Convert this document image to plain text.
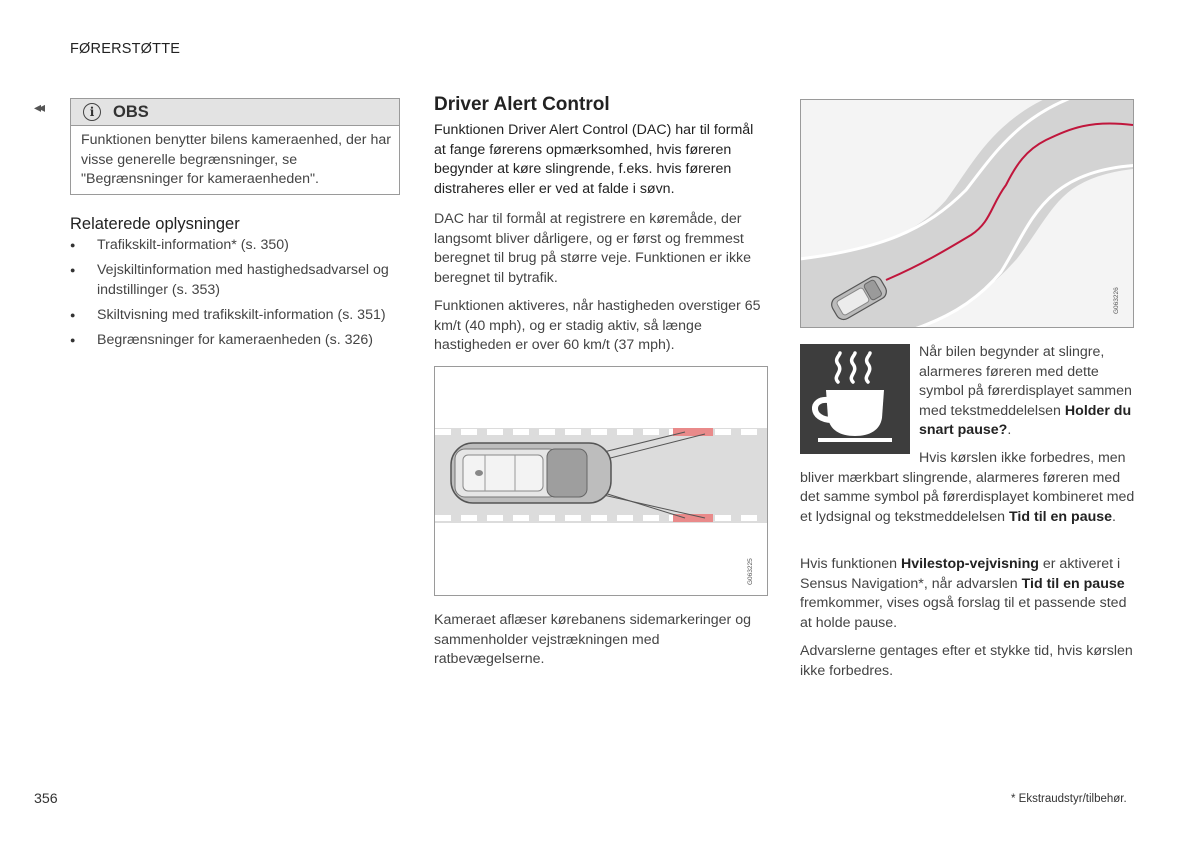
FØRERSTØTTE
◂◂	i	OBS
Funktionen benytter bilens kameraenhed, der har visse generelle begrænsninger, se "Begrænsninger for kameraenheden".
Relaterede oplysninger
● Trafikskilt-information* (s. 350)
● Vejskiltinformation med hastighedsadvarsel og indstillinger (s. 353)
● Skiltvisning med trafikskilt-information (s. 351)
● Begrænsninger for kameraenheden (s. 326)
Driver Alert Control

Funktionen Driver Alert Control (DAC) har til formål at fange førerens opmærksomhed, hvis føreren begynder at køre slingrende, f.eks. hvis føreren distraheres eller er ved at falde i søvn.

DAC har til formål at registrere en køremåde, der langsomt bliver dårligere, og er først og fremmest beregnet til brug på større veje. Funktionen er ikke beregnet til bytrafik.

Funktionen aktiveres, når hastigheden overstiger 65 km/t (40 mph), og er stadig aktiv, så længe hastigheden er over 60 km/t (37 mph).

G063225

Kameraet aflæser kørebanens sidemarkeringer og sammenholder vejstrækningen med ratbevægelserne.

G063226

Når bilen begynder at slingre, alarmeres føreren med dette symbol på førerdisplayet sammen med tekstmeddelelsen Holder du snart pause?.

Hvis kørslen ikke forbedres, men bliver mærkbart slingrende, alarmeres føreren med det samme symbol på førerdisplayet kombineret med et lydsignal og tekstmeddelelsen Tid til en pause.

Hvis funktionen Hvilestop-vejvisning er aktiveret i Sensus Navigation*, når advarslen Tid til en pause fremkommer, vises også forslag til et passende sted at holde pause.

Advarslerne gentages efter et stykke tid, hvis kørslen ikke forbedres.

356	* Ekstraudstyr/tilbehør.
